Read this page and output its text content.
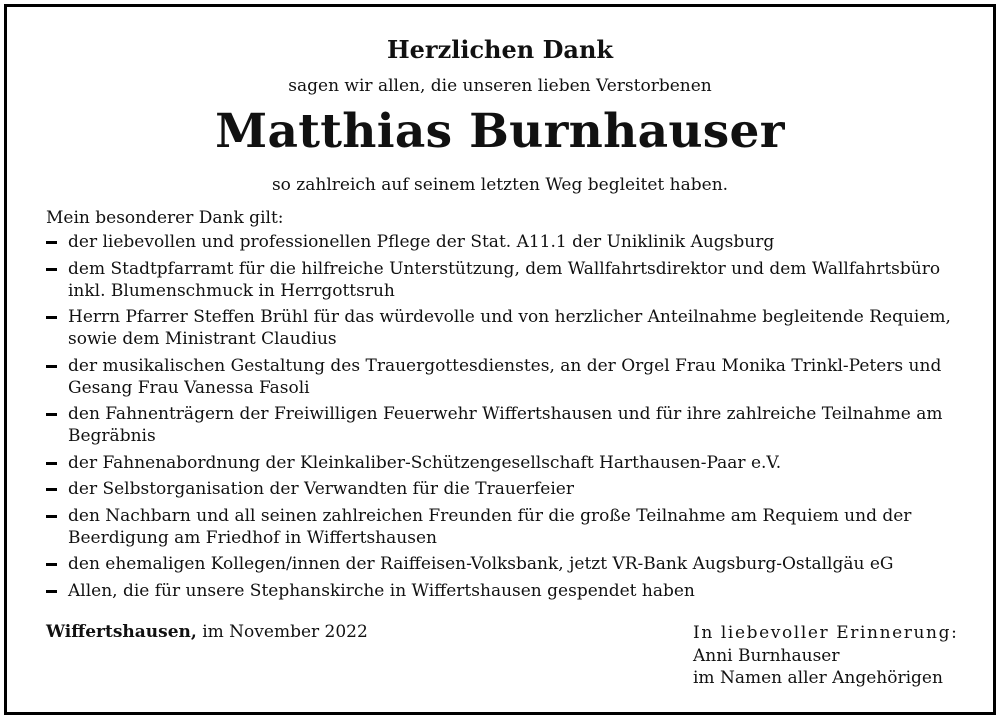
Herzlichen Dank
sagen wir allen, die unseren lieben Verstorbenen
Matthias Burnhauser
so zahlreich auf seinem letzten Weg begleitet haben.
Mein besonderer Dank gilt:
der liebevollen und professionellen Pflege der Stat. A11.1 der Uniklinik Augsburg
dem Stadtpfarramt für die hilfreiche Unterstützung, dem Wallfahrtsdirektor und dem Wallfahrtsbüro inkl. Blumenschmuck in Herrgottsruh
Herrn Pfarrer Steffen Brühl für das würdevolle und von herzlicher Anteilnahme begleitende Requiem, sowie dem Ministrant Claudius
der musikalischen Gestaltung des Trauergottesdienstes, an der Orgel Frau Monika Trinkl-Peters und Gesang Frau Vanessa Fasoli
den Fahnenträgern der Freiwilligen Feuerwehr Wiffertshausen und für ihre zahlreiche Teilnahme am Begräbnis
der Fahnenabordnung der Kleinkaliber-Schützengesellschaft Harthausen-Paar e.V.
der Selbstorganisation der Verwandten für die Trauerfeier
den Nachbarn und all seinen zahlreichen Freunden für die große Teilnahme am Requiem und der Beerdigung am Friedhof in Wiffertshausen
den ehemaligen Kollegen/innen der Raiffeisen-Volksbank, jetzt VR-Bank Augsburg-Ostallgäu eG
Allen, die für unsere Stephanskirche in Wiffertshausen gespendet haben
Wiffertshausen, im November 2022	In liebevoller Erinnerung:
Anni Burnhauser
im Namen aller Angehörigen
